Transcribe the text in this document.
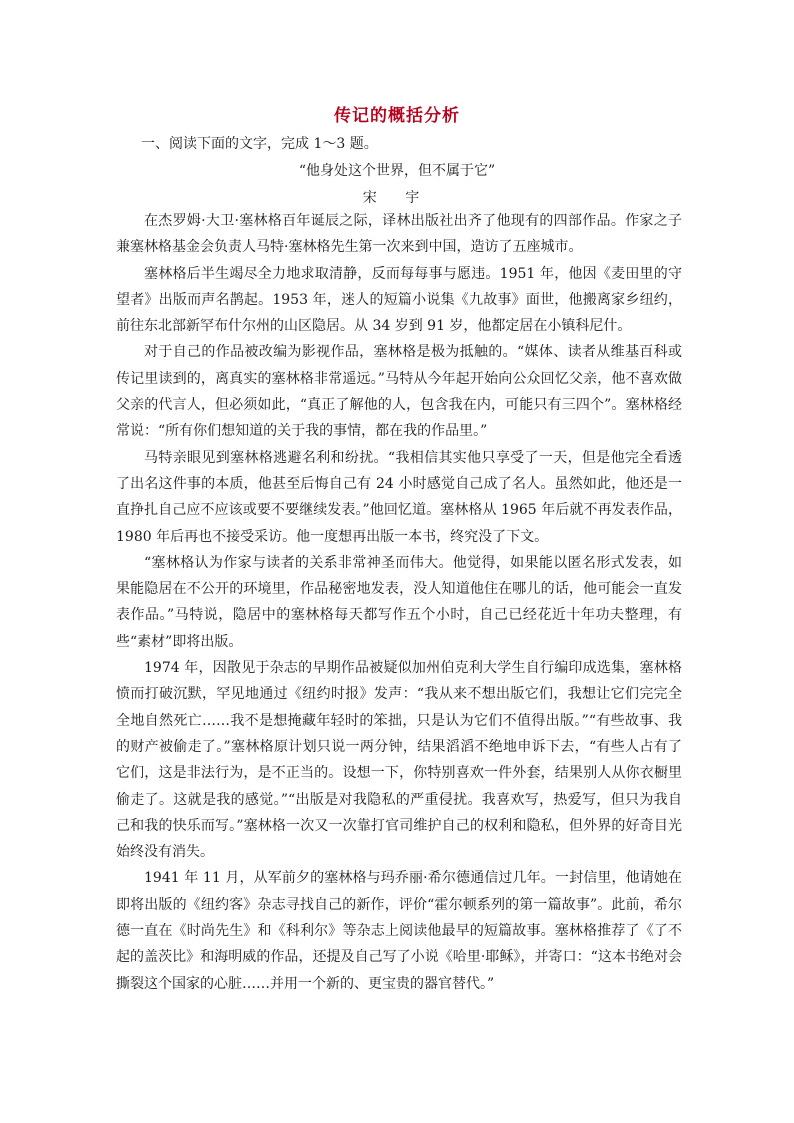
传记的概括分析
一、阅读下面的文字，完成 1～3 题。
“他身处这个世界，但不属于它”
宋 宇

在杰罗姆·大卫·塞林格百年诞辰之际，译林出版社出齐了他现有的四部作品。作家之子兼塞林格基金会负责人马特·塞林格先生第一次来到中国，造访了五座城市。

塞林格后半生竭尽全力地求取清静，反而每每事与愿违。1951 年，他因《麦田里的守望者》出版而声名鹊起。1953 年，迷人的短篇小说集《九故事》面世，他搬离家乡纽约，前往东北部新罕布什尔州的山区隐居。从 34 岁到 91 岁，他都定居在小镇科尼什。

对于自己的作品被改编为影视作品，塞林格是极为抵触的。“媒体、读者从维基百科或传记里读到的，离真实的塞林格非常遥远。”马特从今年起开始向公众回忆父亲，他不喜欢做父亲的代言人，但必须如此，“真正了解他的人，包含我在内，可能只有三四个”。塞林格经常说：“所有你们想知道的关于我的事情，都在我的作品里。”

马特亲眼见到塞林格逃避名利和纷扰。“我相信其实他只享受了一天，但是他完全看透了出名这件事的本质，他甚至后悔自己有 24 小时感觉自己成了名人。虽然如此，他还是一直挣扎自己应不应该或要不要继续发表。”他回忆道。塞林格从 1965 年后就不再发表作品，1980 年后再也不接受采访。他一度想再出版一本书，终究没了下文。

“塞林格认为作家与读者的关系非常神圣而伟大。他觉得，如果能以匿名形式发表，如果能隐居在不公开的环境里，作品秘密地发表，没人知道他住在哪儿的话，他可能会一直发表作品。”马特说，隐居中的塞林格每天都写作五个小时，自己已经花近十年功夫整理，有些“素材”即将出版。

1974 年，因散见于杂志的早期作品被疑似加州伯克利大学生自行编印成选集，塞林格愤而打破沉默，罕见地通过《纽约时报》发声：“我从来不想出版它们，我想让它们完完全全地自然死亡……我不是想掩藏年轻时的笨拙，只是认为它们不值得出版。”“有些故事、我的财产被偷走了。”塞林格原计划只说一两分钟，结果滔滔不绝地申诉下去，“有些人占有了它们，这是非法行为，是不正当的。设想一下，你特别喜欢一件外套，结果别人从你衣橱里偷走了。这就是我的感觉。”“出版是对我隐私的严重侵扰。我喜欢写，热爱写，但只为我自己和我的快乐而写。”塞林格一次又一次靠打官司维护自己的权利和隐私，但外界的好奇目光始终没有消失。

1941 年 11 月，从军前夕的塞林格与玛乔丽·希尔德通信过几年。一封信里，他请她在即将出版的《纽约客》杂志寻找自己的新作，评价“霍尔顿系列的第一篇故事”。此前，希尔德一直在《时尚先生》和《科利尔》等杂志上阅读他最早的短篇故事。塞林格推荐了《了不起的盖茨比》和海明威的作品，还提及自己写了小说《哈里·耶稣》，并寄口：“这本书绝对会撕裂这个国家的心脏……并用一个新的、更宝贵的器官替代。”
